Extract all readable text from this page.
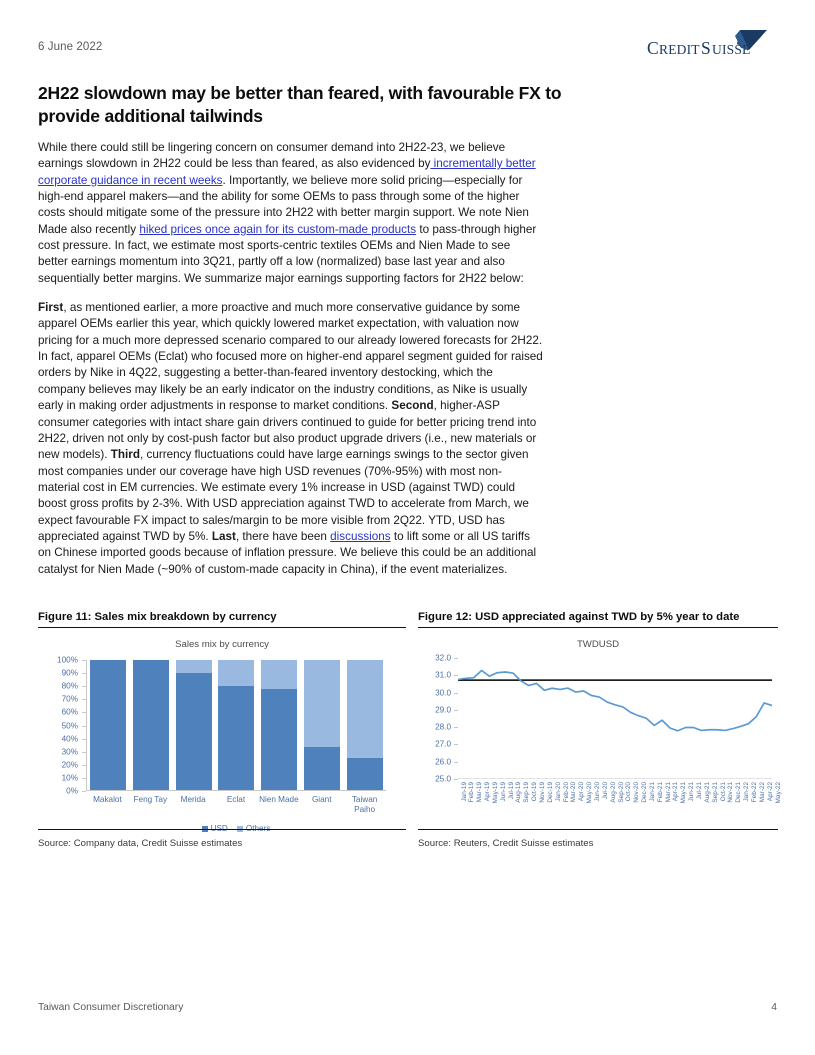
6 June 2022	C REDIT S UISSE
2H22 slowdown may be better than feared, with favourable FX to provide additional tailwinds

While there could still be lingering concern on consumer demand into 2H22-23, we believe earnings slowdown in 2H22 could be less than feared, as also evidenced by incrementally better corporate guidance in recent weeks. Importantly, we believe more solid pricing—especially for high-end apparel makers—and the ability for some OEMs to pass through some of the higher costs should mitigate some of the pressure into 2H22 with better margin support. We note Nien Made also recently hiked prices once again for its custom-made products to pass-through higher cost pressure. In fact, we estimate most sports-centric textiles OEMs and Nien Made to see better earnings momentum into 3Q21, partly off a low (normalized) base last year and also sequentially better margins. We summarize major earnings supporting factors for 2H22 below:

First, as mentioned earlier, a more proactive and much more conservative guidance by some apparel OEMs earlier this year, which quickly lowered market expectation, with valuation now pricing for a much more depressed scenario compared to our already lowered forecasts for 2H22. In fact, apparel OEMs (Eclat) who focused more on higher-end apparel segment guided for raised orders by Nike in 4Q22, suggesting a better-than-feared inventory destocking, which the company believes may likely be an early indicator on the industry conditions, as Nike is usually early in making order adjustments in response to market conditions. Second, higher-ASP consumer categories with intact share gain drivers continued to guide for better pricing trend into 2H22, driven not only by cost-push factor but also product upgrade drivers (i.e., new materials or new models). Third, currency fluctuations could have large earnings swings to the sector given most companies under our coverage have high USD revenues (70%-95%) with most non-material cost in EM currencies. We estimate every 1% increase in USD (against TWD) could boost gross profits by 2-3%. With USD appreciation against TWD to accelerate from March, we expect favourable FX impact to sales/margin to be more visible from 2Q22. YTD, USD has appreciated against TWD by 5%. Last, there have been discussions to lift some or all US tariffs on Chinese imported goods because of inflation pressure. We believe this could be an additional catalyst for Nien Made (~90% of custom-made capacity in China), if the event materializes.

Figure 11: Sales mix breakdown by currency
Sales mix by currency
100%
90%
80%
70%
60%
50%
40%
30%
20%
10%
0%
Makalot	Feng Tay	Merida	Eclat	Nien Made	Giant	Taiwan Paiho
Source: Company data, Credit Suisse estimates
Figure 12: USD appreciated against TWD by 5% year to date
TWDUSD
32.0
31.0
30.0
29.0
28.0
27.0
26.0
25.0
Jan-19 Feb-19 Mar-19 Apr-19 May-19 Jun-19 Jul-19 Aug-19 Sep-19 Oct-19 Nov-19 Dec-19 Jan-20 Feb-20 Mar-20 Apr-20 May-20 Jun-20 Jul-20 Aug-20 Sep-20 Oct-20 Nov-20 Dec-20 Jan-21 Feb-21 Mar-21 Apr-21 May-21 Jun-21 Jul-21 Aug-21 Sep-21 Oct-21 Nov-21 Dec-21 Jan-22 Feb-22 Mar-22 Apr-22 May-22
Source: Reuters, Credit Suisse estimates
Taiwan Consumer Discretionary	4
